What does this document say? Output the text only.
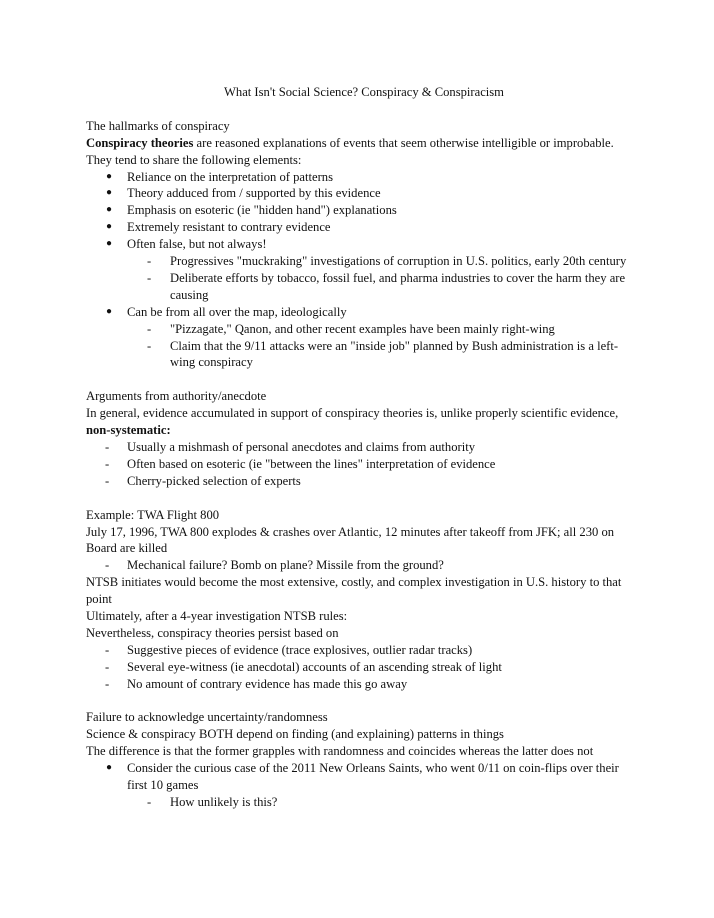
What Isn't Social Science? Conspiracy & Conspiracism

The hallmarks of conspiracy

Conspiracy theories are reasoned explanations of events that seem otherwise intelligible or improbable. They tend to share the following elements:

● Reliance on the interpretation of patterns
● Theory adduced from / supported by this evidence
● Emphasis on esoteric (ie "hidden hand") explanations
● Extremely resistant to contrary evidence
● Often false, but not always!
- Progressives "muckraking" investigations of corruption in U.S. politics, early 20th century
- Deliberate efforts by tobacco, fossil fuel, and pharma industries to cover the harm they are causing
● Can be from all over the map, ideologically
- "Pizzagate," Qanon, and other recent examples have been mainly right-wing
- Claim that the 9/11 attacks were an "inside job" planned by Bush administration is a left-wing conspiracy

Arguments from authority/anecdote

In general, evidence accumulated in support of conspiracy theories is, unlike properly scientific evidence, non-systematic:

- Usually a mishmash of personal anecdotes and claims from authority
- Often based on esoteric (ie "between the lines" interpretation of evidence
- Cherry-picked selection of experts

Example: TWA Flight 800

July 17, 1996, TWA 800 explodes & crashes over Atlantic, 12 minutes after takeoff from JFK; all 230 on Board are killed

- Mechanical failure? Bomb on plane? Missile from the ground?

NTSB initiates would become the most extensive, costly, and complex investigation in U.S. history to that point

Ultimately, after a 4-year investigation NTSB rules:

Nevertheless, conspiracy theories persist based on

- Suggestive pieces of evidence (trace explosives, outlier radar tracks)
- Several eye-witness (ie anecdotal) accounts of an ascending streak of light
- No amount of contrary evidence has made this go away

Failure to acknowledge uncertainty/randomness

Science & conspiracy BOTH depend on finding (and explaining) patterns in things

The difference is that the former grapples with randomness and coincides whereas the latter does not

● Consider the curious case of the 2011 New Orleans Saints, who went 0/11 on coin-flips over their first 10 games
- How unlikely is this?
